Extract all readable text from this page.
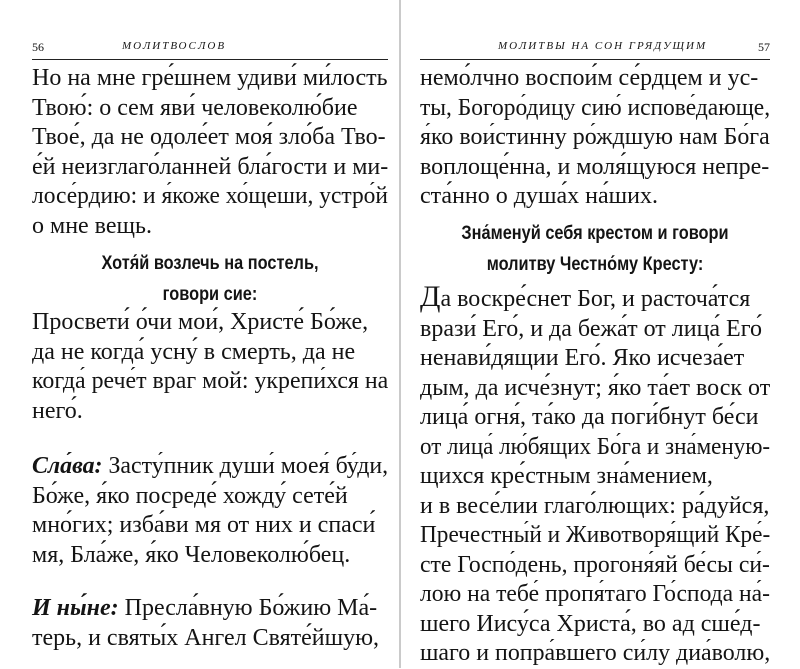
56	МОЛИТВОСЛОВ
Но на мне гре́шнем удиви́ ми́лость
Твою́: о сем яви́ человеколю́бие
Твое́, да не одоле́ет моя́ зло́ба Тво-
е́й неизглаго́ланней бла́гости и ми-
лосе́рдию: и я́коже хо́щеши, устро́й
о мне вещь.
Хотя́й возлечь на постель,
говори сие:
Просвети́ о́чи мои́, Христе́ Бо́же,
да не когда́ усну́ в смерть, да не
когда́ рече́т враг мой: укрепи́хся на
него́.
Сла́ва: Засту́пник души́ моея́ бу́ди,
Бо́же, я́ко посреде́ хожду́ сете́й
мно́гих; изба́ви мя от них и спаси́
мя, Бла́же, я́ко Человеколю́бец.
И ны́не: Пресла́вную Бо́жию Ма́-
терь, и святы́х Ангел Святе́йшую,
МОЛИТВЫ НА СОН ГРЯДУЩИМ	57
немо́лчно воспои́м се́рдцем и ус-
ты, Богоро́дицу сию́ испове́дающе,
я́ко вои́стинну ро́ждшую нам Бо́га
воплоще́нна, и моля́щуюся непре-
ста́нно о душа́х на́ших.
Зна́менуй себя крестом и говори
молитву Честно́му Кресту:
Да воскре́снет Бог, и расточа́тся
врази́ Его́, и да бежа́т от лица́ Его́
ненави́дящии Его́. Яко исчеза́ет
дым, да исче́знут; я́ко та́ет воск от
лица́ огня́, та́ко да поги́бнут бе́си
от лица́ лю́бящих Бо́га и зна́меную-
щихся кре́стным зна́мением,
и в весе́лии глаго́лющих: ра́дуйся,
Пречестны́й и Животворя́щий Кре́-
сте Госпо́день, прогоня́яй бе́сы си́-
лою на тебе́ пропя́таго Го́спода на́-
шего Иису́са Христа́, во ад сше́д-
шаго и попра́вшего си́лу диа́волю,
